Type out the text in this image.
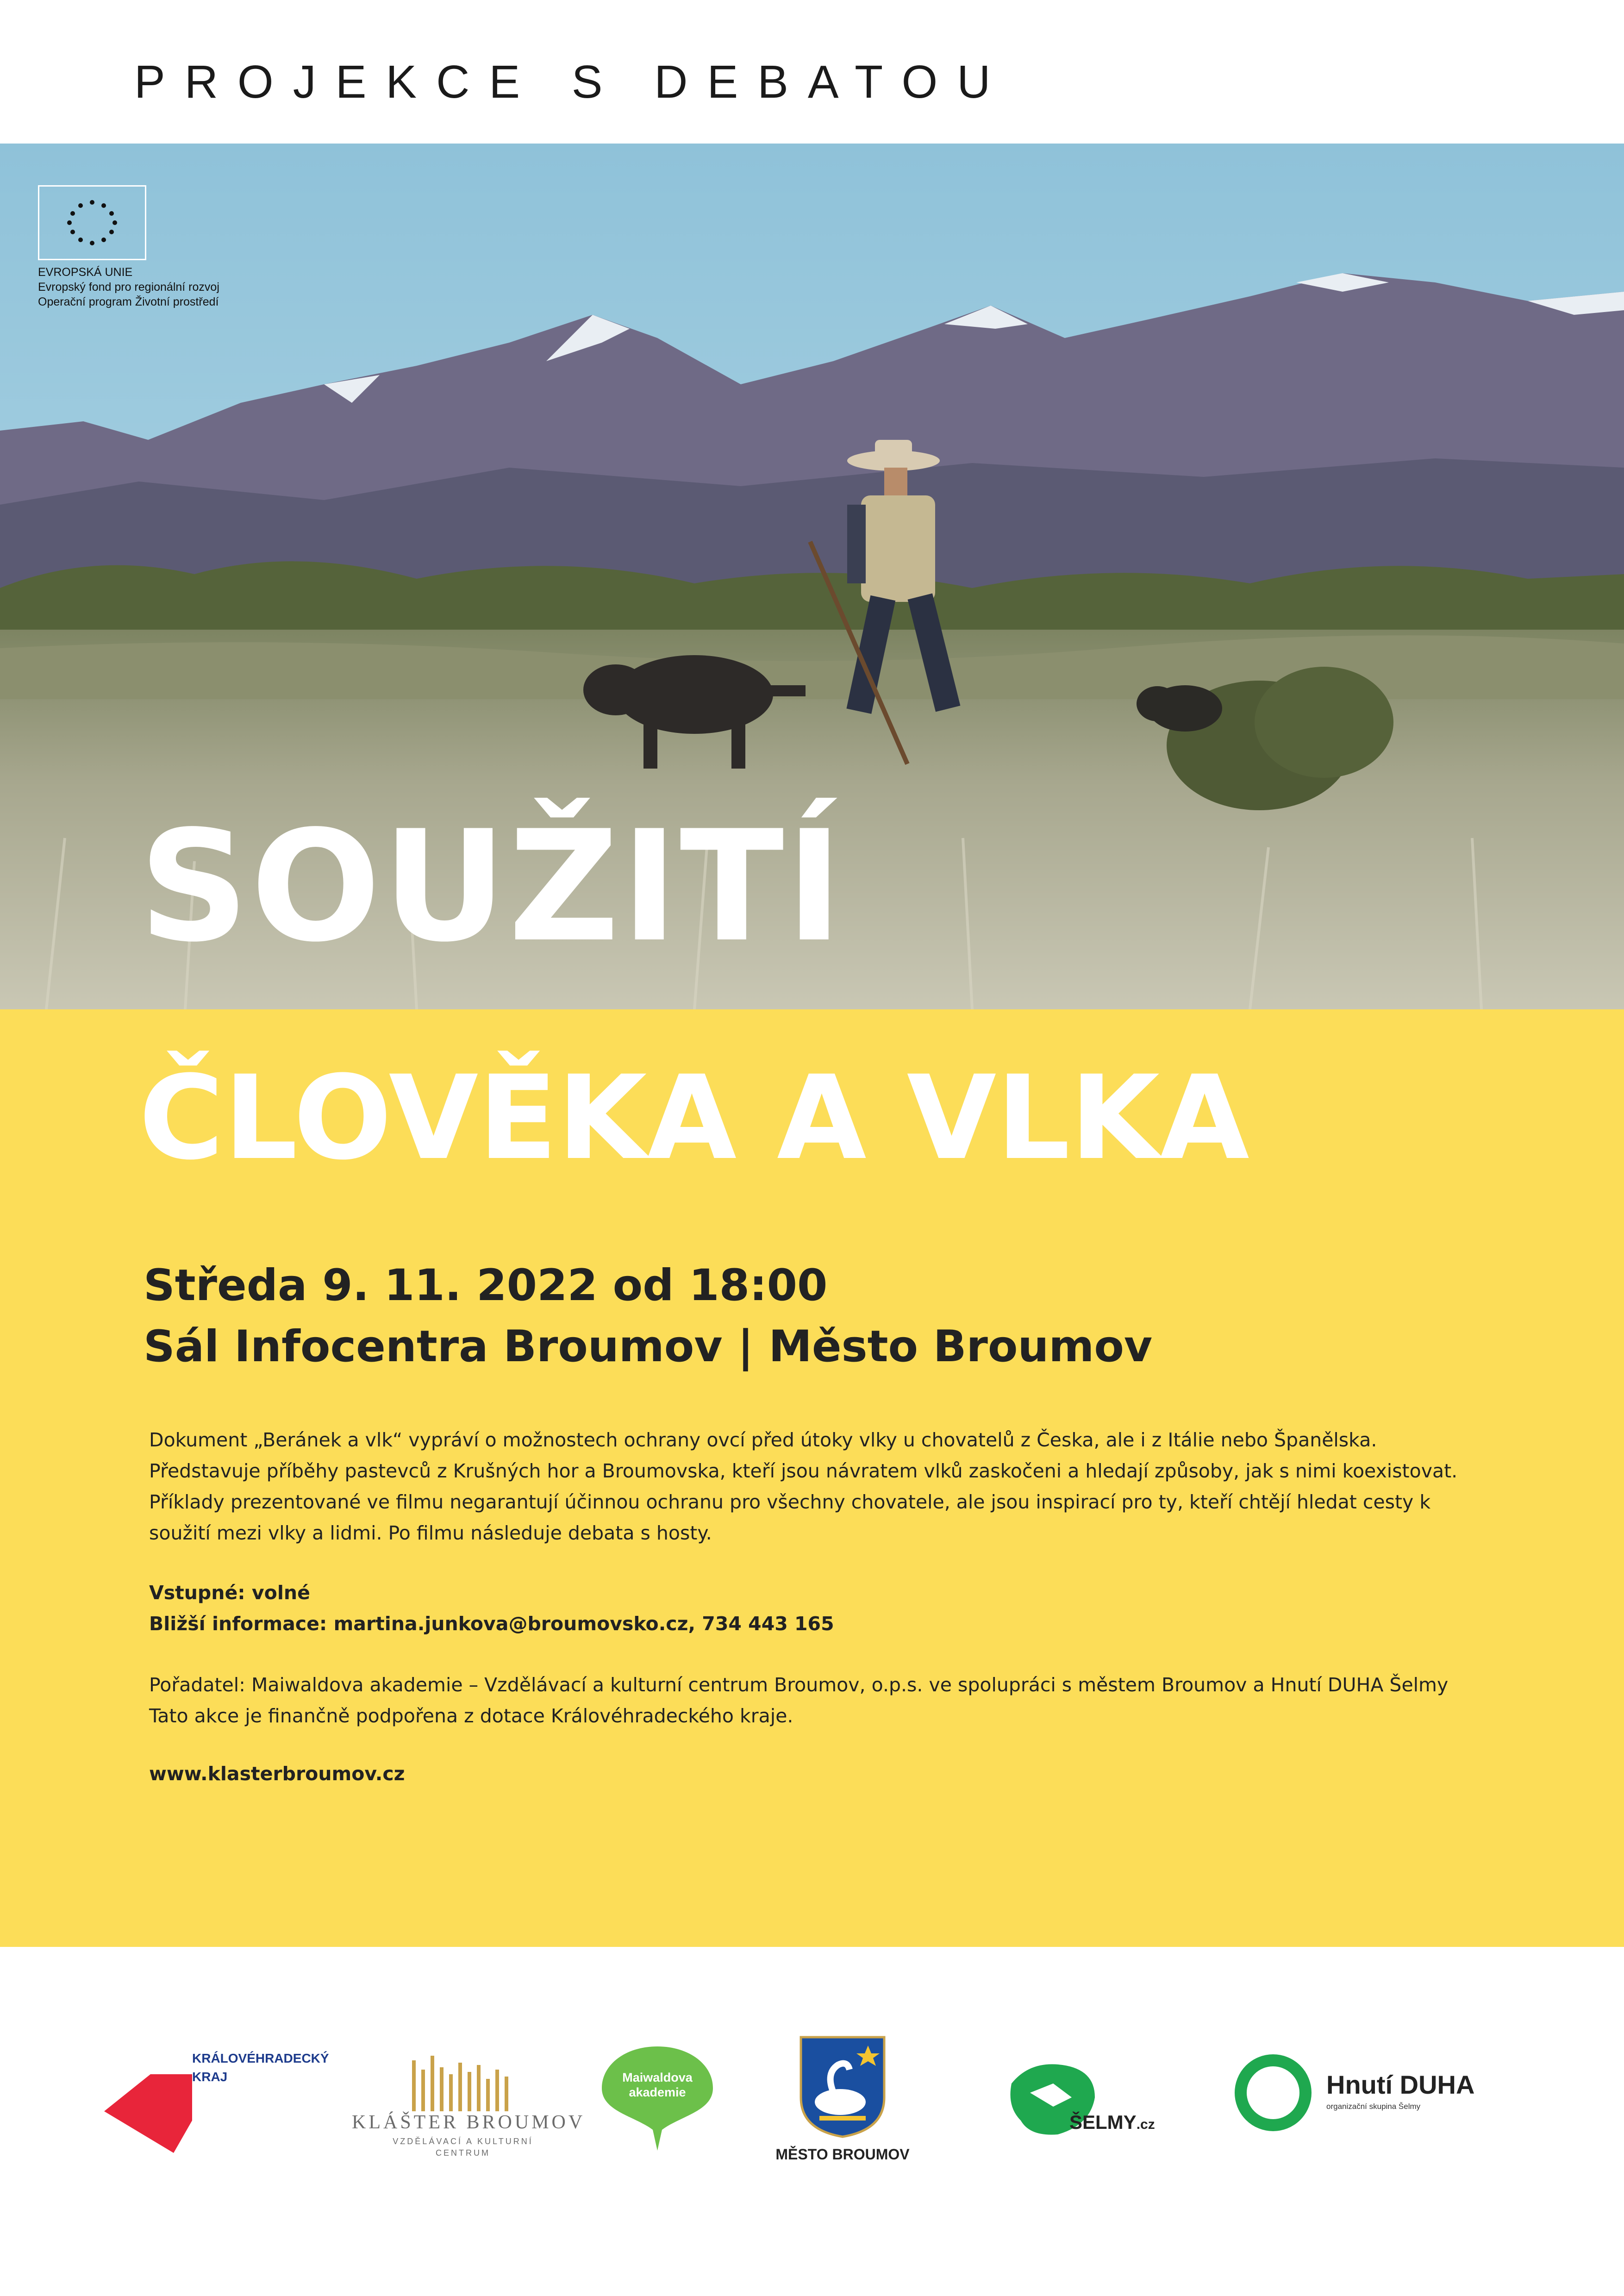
PROJEKCE S DEBATOU
EVROPSKÁ UNIE
Evropský fond pro regionální rozvoj
Operační program Životní prostředí
SOUŽITÍ
ČLOVĚKA A VLKA
Středa 9. 11. 2022 od 18:00
Sál Infocentra Broumov | Město Broumov
Dokument „Beránek a vlk“ vypráví o možnostech ochrany ovcí před útoky vlky u chovatelů z Česka, ale i z Itálie nebo Španělska.
Představuje příběhy pastevců z Krušných hor a Broumovska, kteří jsou návratem vlků zaskočeni a hledají způsoby, jak s nimi koexistovat.
Příklady prezentované ve filmu negarantují účinnou ochranu pro všechny chovatele, ale jsou inspirací pro ty, kteří chtějí hledat cesty k
soužití mezi vlky a lidmi. Po filmu následuje debata s hosty.
Vstupné: volné
Bližší informace: martina.junkova@broumovsko.cz, 734 443 165
Pořadatel: Maiwaldova akademie – Vzdělávací a kulturní centrum Broumov, o.p.s. ve spolupráci s městem Broumov a Hnutí DUHA Šelmy
Tato akce je finančně podpořena z dotace Královéhradeckého kraje.
www.klasterbroumov.cz
KRÁLOVÉHRADECKÝ
KRAJ
KLÁŠTER BROUMOV
VZDĚLÁVACÍ A KULTURNÍ
CENTRUM
Maiwaldova
akademie
MĚSTO BROUMOV
ŠELMY.cz
Hnutí DUHA
organizační skupina Šelmy
